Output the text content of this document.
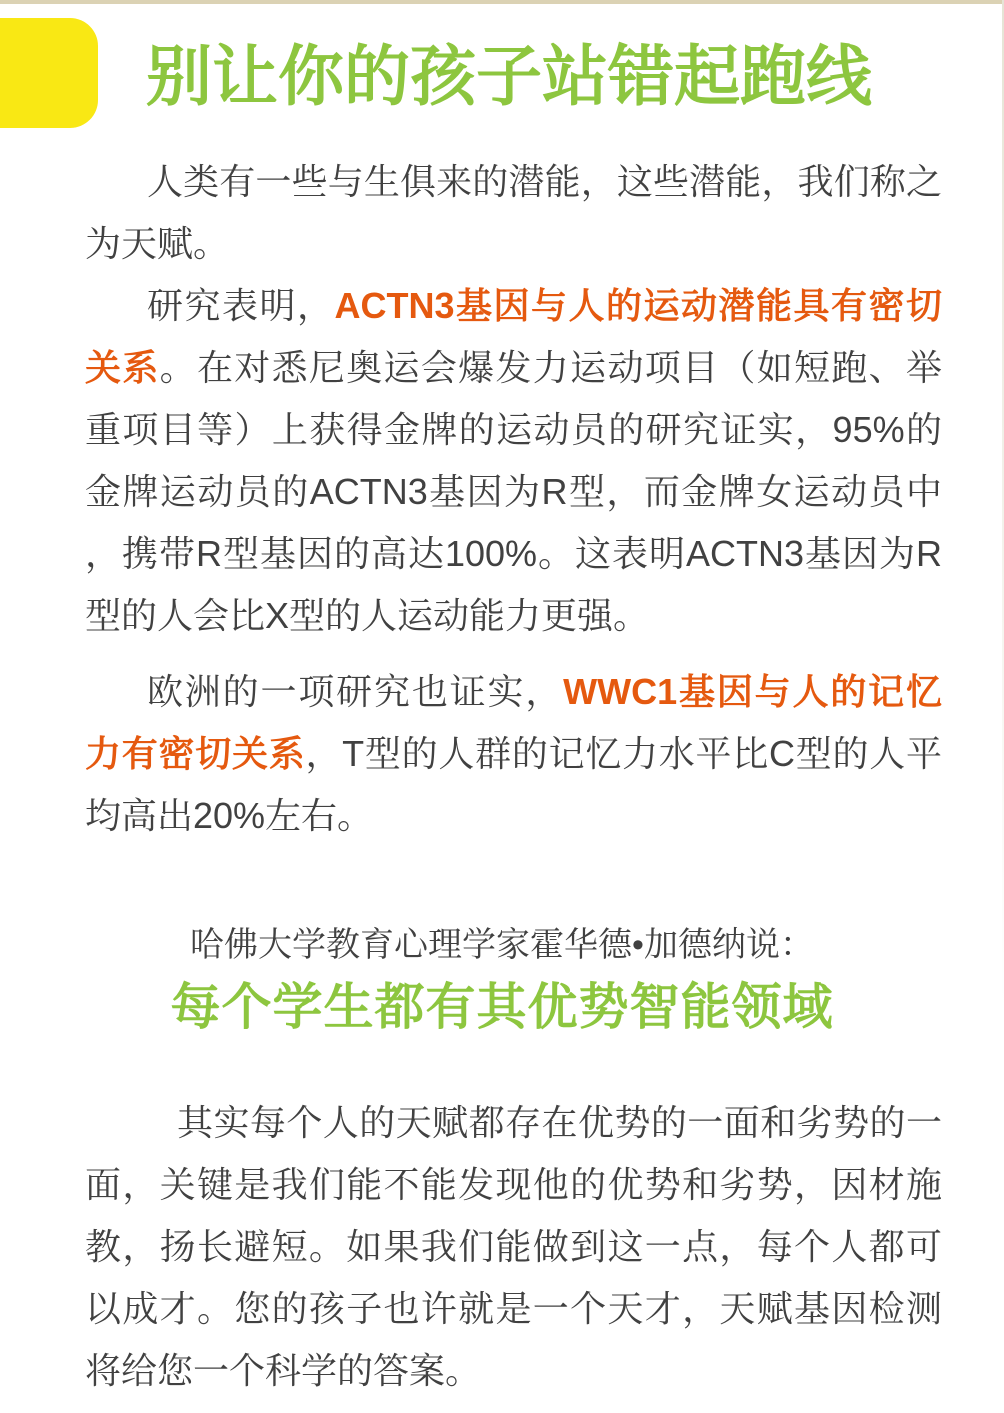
别让你的孩子站错起跑线

人类有一些与生俱来的潜能，这些潜能，我们称之为天赋。

研究表明，ACTN3基因与人的运动潜能具有密切关系。在对悉尼奥运会爆发力运动项目（如短跑、举重项目等）上获得金牌的运动员的研究证实，95%的金牌运动员的ACTN3基因为R型，而金牌女运动员中，携带R型基因的高达100%。这表明ACTN3基因为R型的人会比X型的人运动能力更强。

欧洲的一项研究也证实，WWC1基因与人的记忆力有密切关系，T型的人群的记忆力水平比C型的人平均高出20%左右。

哈佛大学教育心理学家霍华德•加德纳说：

每个学生都有其优势智能领域

其实每个人的天赋都存在优势的一面和劣势的一面，关键是我们能不能发现他的优势和劣势，因材施教，扬长避短。如果我们能做到这一点，每个人都可以成才。您的孩子也许就是一个天才，天赋基因检测将给您一个科学的答案。
